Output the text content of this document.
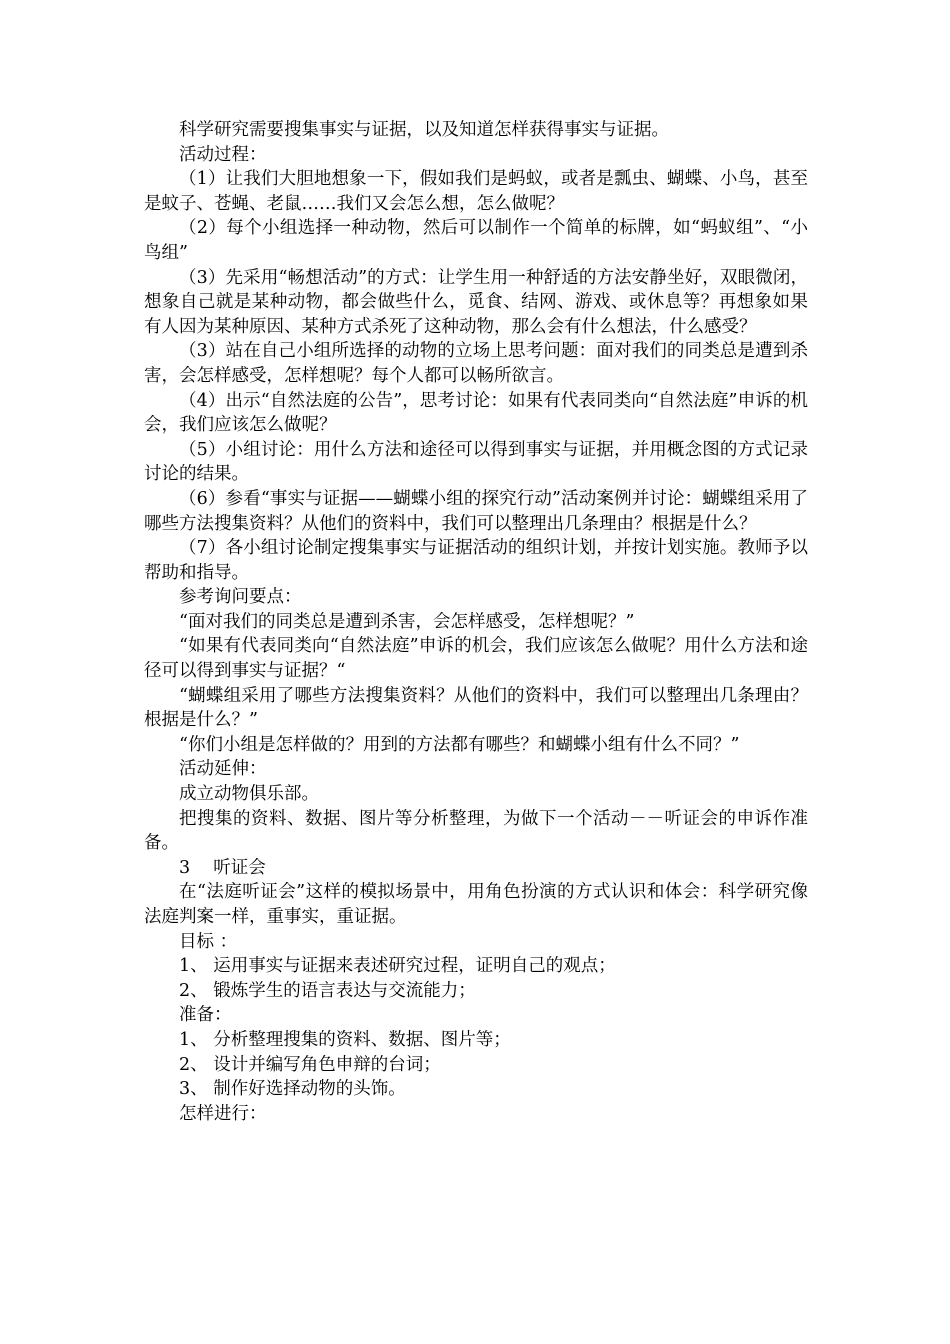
科学研究需要搜集事实与证据，以及知道怎样获得事实与证据。

活动过程：

（1）让我们大胆地想象一下，假如我们是蚂蚁，或者是瓢虫、蝴蝶、小鸟，甚至是蚊子、苍蝇、老鼠……我们又会怎么想，怎么做呢？

（2）每个小组选择一种动物，然后可以制作一个简单的标牌，如“蚂蚁组”、“小鸟组”

（3）先采用“畅想活动”的方式：让学生用一种舒适的方法安静坐好，双眼微闭，想象自己就是某种动物，都会做些什么，觅食、结网、游戏、或休息等？再想象如果有人因为某种原因、某种方式杀死了这种动物，那么会有什么想法，什么感受？

（3）站在自己小组所选择的动物的立场上思考问题：面对我们的同类总是遭到杀害，会怎样感受，怎样想呢？每个人都可以畅所欲言。

（4）出示“自然法庭的公告”，思考讨论：如果有代表同类向“自然法庭”申诉的机会，我们应该怎么做呢？

（5）小组讨论：用什么方法和途径可以得到事实与证据，并用概念图的方式记录讨论的结果。

（6）参看“事实与证据——蝴蝶小组的探究行动”活动案例并讨论：蝴蝶组采用了哪些方法搜集资料？从他们的资料中，我们可以整理出几条理由？根据是什么？

（7）各小组讨论制定搜集事实与证据活动的组织计划，并按计划实施。教师予以帮助和指导。

参考询问要点：

“面对我们的同类总是遭到杀害，会怎样感受，怎样想呢？”

“如果有代表同类向“自然法庭”申诉的机会，我们应该怎么做呢？用什么方法和途径可以得到事实与证据？“

“蝴蝶组采用了哪些方法搜集资料？从他们的资料中，我们可以整理出几条理由？根据是什么？”

“你们小组是怎样做的？用到的方法都有哪些？和蝴蝶小组有什么不同？”

活动延伸：

成立动物俱乐部。

把搜集的资料、数据、图片等分析整理，为做下一个活动－－听证会的申诉作准备。

3　 听证会

在“法庭听证会”这样的模拟场景中，用角色扮演的方式认识和体会：科学研究像法庭判案一样，重事实，重证据。

目标 ：

1、 运用事实与证据来表述研究过程，证明自己的观点；

2、 锻炼学生的语言表达与交流能力；

准备：

1、 分析整理搜集的资料、数据、图片等；

2、 设计并编写角色申辩的台词；

3、 制作好选择动物的头饰。

怎样进行：
